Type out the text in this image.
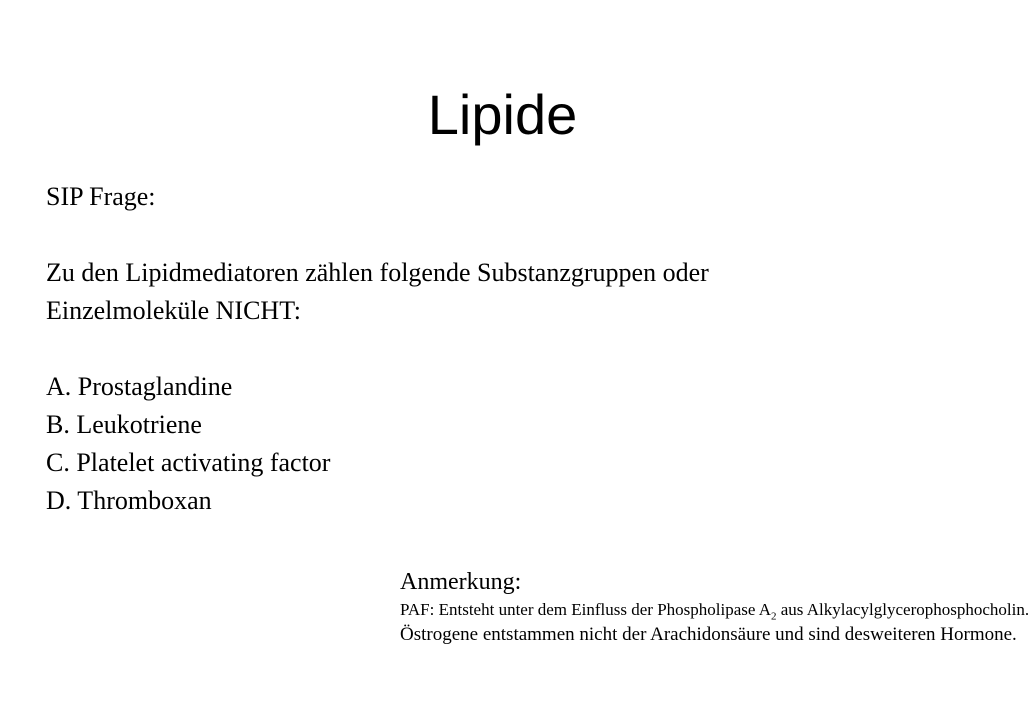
Lipide
SIP Frage:
Zu den Lipidmediatoren zählen folgende Substanzgruppen oder
Einzelmoleküle NICHT:
A. Prostaglandine
B. Leukotriene
C. Platelet activating factor
D. Thromboxan
Anmerkung:
PAF: Entsteht unter dem Einfluss der Phospholipase $A_2$ aus Alkylacylglycerophosphocholin.
Östrogene entstammen nicht der Arachidonsäure und sind desweiteren Hormone.
